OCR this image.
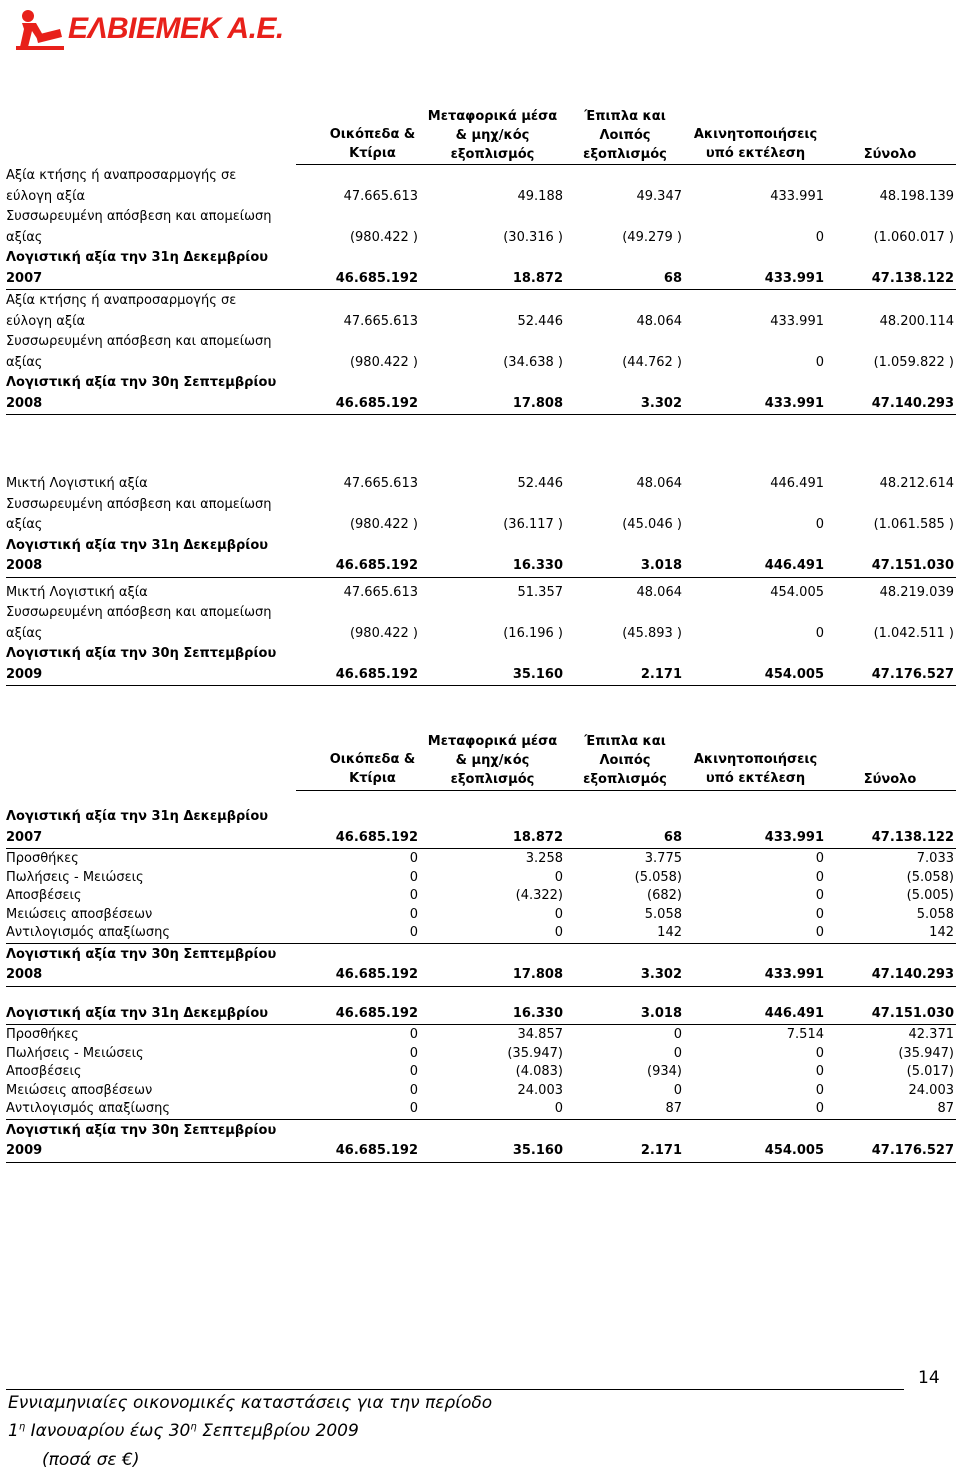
ΕΛΒΙΕΜΕΚ Α.Ε.
Οικόπεδα &
Κτίρια
Μεταφορικά μέσα
& μηχ/κός
εξοπλισμός
Έπιπλα και
Λοιπός
εξοπλισμός
Ακινητοποιήσεις
υπό εκτέλεση	Σύνολο
Αξία κτήσης ή αναπροσαρμογής σε
εύλογη αξία	47.665.613	49.188	49.347	433.991	48.198.139
Συσσωρευμένη απόσβεση και απομείωση
αξίας	(980.422 )	(30.316 )	(49.279 )	0	(1.060.017 )
Λογιστική αξία την 31η Δεκεμβρίου
2007	46.685.192	18.872	68	433.991	47.138.122
Αξία κτήσης ή αναπροσαρμογής σε
εύλογη αξία	47.665.613	52.446	48.064	433.991	48.200.114
Συσσωρευμένη απόσβεση και απομείωση
αξίας	(980.422 )	(34.638 )	(44.762 )	0	(1.059.822 )
Λογιστική αξία την 30η Σεπτεμβρίου
2008	46.685.192	17.808	3.302	433.991	47.140.293
Μικτή Λογιστική αξία	47.665.613	52.446	48.064	446.491	48.212.614
Συσσωρευμένη απόσβεση και απομείωση
αξίας	(980.422 )	(36.117 )	(45.046 )	0	(1.061.585 )
Λογιστική αξία την 31η Δεκεμβρίου
2008	46.685.192	16.330	3.018	446.491	47.151.030
Μικτή Λογιστική αξία	47.665.613	51.357	48.064	454.005	48.219.039
Συσσωρευμένη απόσβεση και απομείωση
αξίας	(980.422 )	(16.196 )	(45.893 )	0	(1.042.511 )
Λογιστική αξία την 30η Σεπτεμβρίου
2009	46.685.192	35.160	2.171	454.005	47.176.527
Οικόπεδα &
Κτίρια
Μεταφορικά μέσα
& μηχ/κός
εξοπλισμός
Έπιπλα και
Λοιπός
εξοπλισμός
Ακινητοποιήσεις
υπό εκτέλεση	Σύνολο
Λογιστική αξία την 31η Δεκεμβρίου
2007	46.685.192	18.872	68	433.991	47.138.122
Προσθήκες	0	3.258	3.775	0	7.033
Πωλήσεις - Μειώσεις	0	0	(5.058)	0	(5.058)
Αποσβέσεις	0	(4.322)	(682)	0	(5.005)
Μειώσεις αποσβέσεων	0	0	5.058	0	5.058
Αντιλογισμός απαξίωσης	0	0	142	0	142
Λογιστική αξία την 30η Σεπτεμβρίου
2008	46.685.192	17.808	3.302	433.991	47.140.293
Λογιστική αξία την 31η Δεκεμβρίου	46.685.192	16.330	3.018	446.491	47.151.030
Προσθήκες	0	34.857	0	7.514	42.371
Πωλήσεις - Μειώσεις	0	(35.947)	0	0	(35.947)
Αποσβέσεις	0	(4.083)	(934)	0	(5.017)
Μειώσεις αποσβέσεων	0	24.003	0	0	24.003
Αντιλογισμός απαξίωσης	0	0	87	0	87
Λογιστική αξία την 30η Σεπτεμβρίου
2009	46.685.192	35.160	2.171	454.005	47.176.527
14
Εννιαμηνιαίες οικονομικές καταστάσεις για την περίοδο
$1^\eta$ Ιανουαρίου έως $30^\eta$ Σεπτεμβρίου 2009
(ποσά σε €)
